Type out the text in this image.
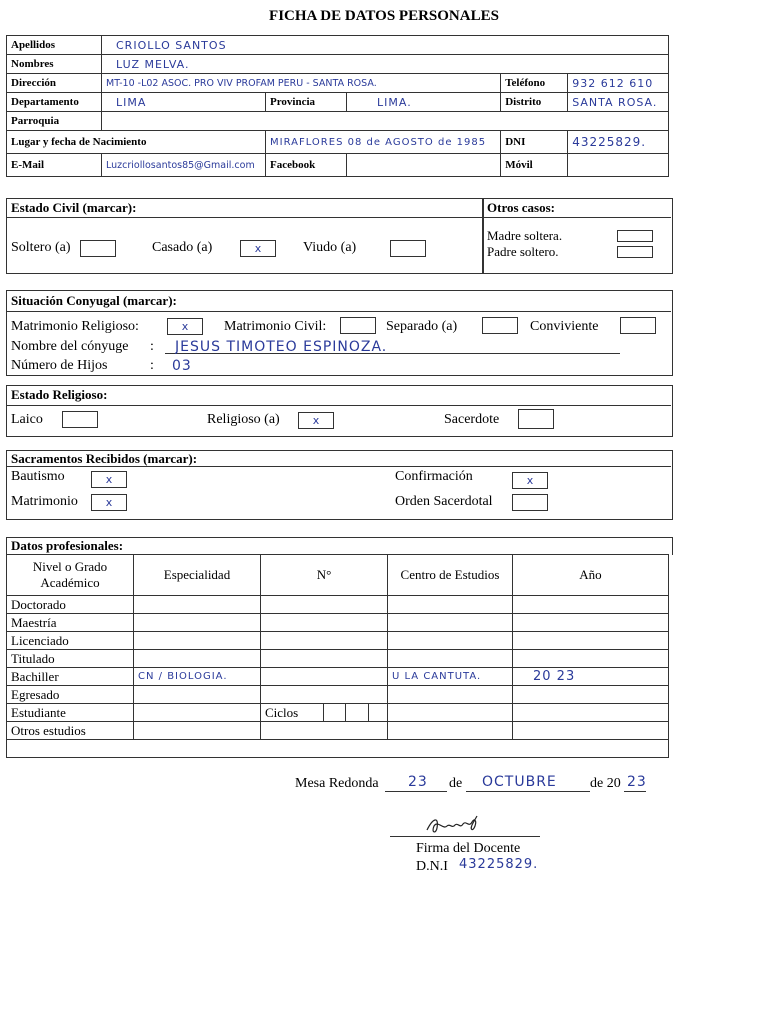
FICHA DE DATOS PERSONALES
Apellidos	CRIOLLO SANTOS				
Nombres	LUZ MELVA.				
Dirección	MT-10 -L02 ASOC. PRO VIV PROFAM PERU - SANTA ROSA.			Teléfono	932 612 610
Departamento	LIMA	Provincia	LIMA.	Distrito	SANTA ROSA.
Parroquia					
Lugar y fecha de Nacimiento		MIRAFLORES 08 de AGOSTO de 1985		DNI	43225829.
E-Mail	Luzcriollosantos85@Gmail.com	Facebook		Móvil	
Estado Civil (marcar):	Otros casos:
Soltero (a)	Casado (a)	x	Viudo (a)
Madre soltera.
Padre soltero.
Situación Conyugal (marcar):
Matrimonio Religioso:	x	Matrimonio Civil:	Separado (a)	Conviviente
Nombre del cónyuge : JESUS TIMOTEO ESPINOZA.
Número de Hijos	: 03
Estado Religioso:
Laico	Religioso (a)	x	Sacerdote
Sacramentos Recibidos (marcar):
Bautismo	x
Matrimonio	x
Confirmación	x
Orden Sacerdotal
Datos profesionales:
Nivel o Grado Académico	Especialidad	N°	Centro de Estudios	Año
Doctorado				
Maestría				
Licenciado				
Titulado				
Bachiller	CN / BIOLOGIA.		U LA CANTUTA.	20 23
Egresado				
Estudiante		Ciclos

Otros estudios				

Mesa Redonda 23 de OCTUBRE de 20 23
Firma del Docente
D.N.I 43225829.
